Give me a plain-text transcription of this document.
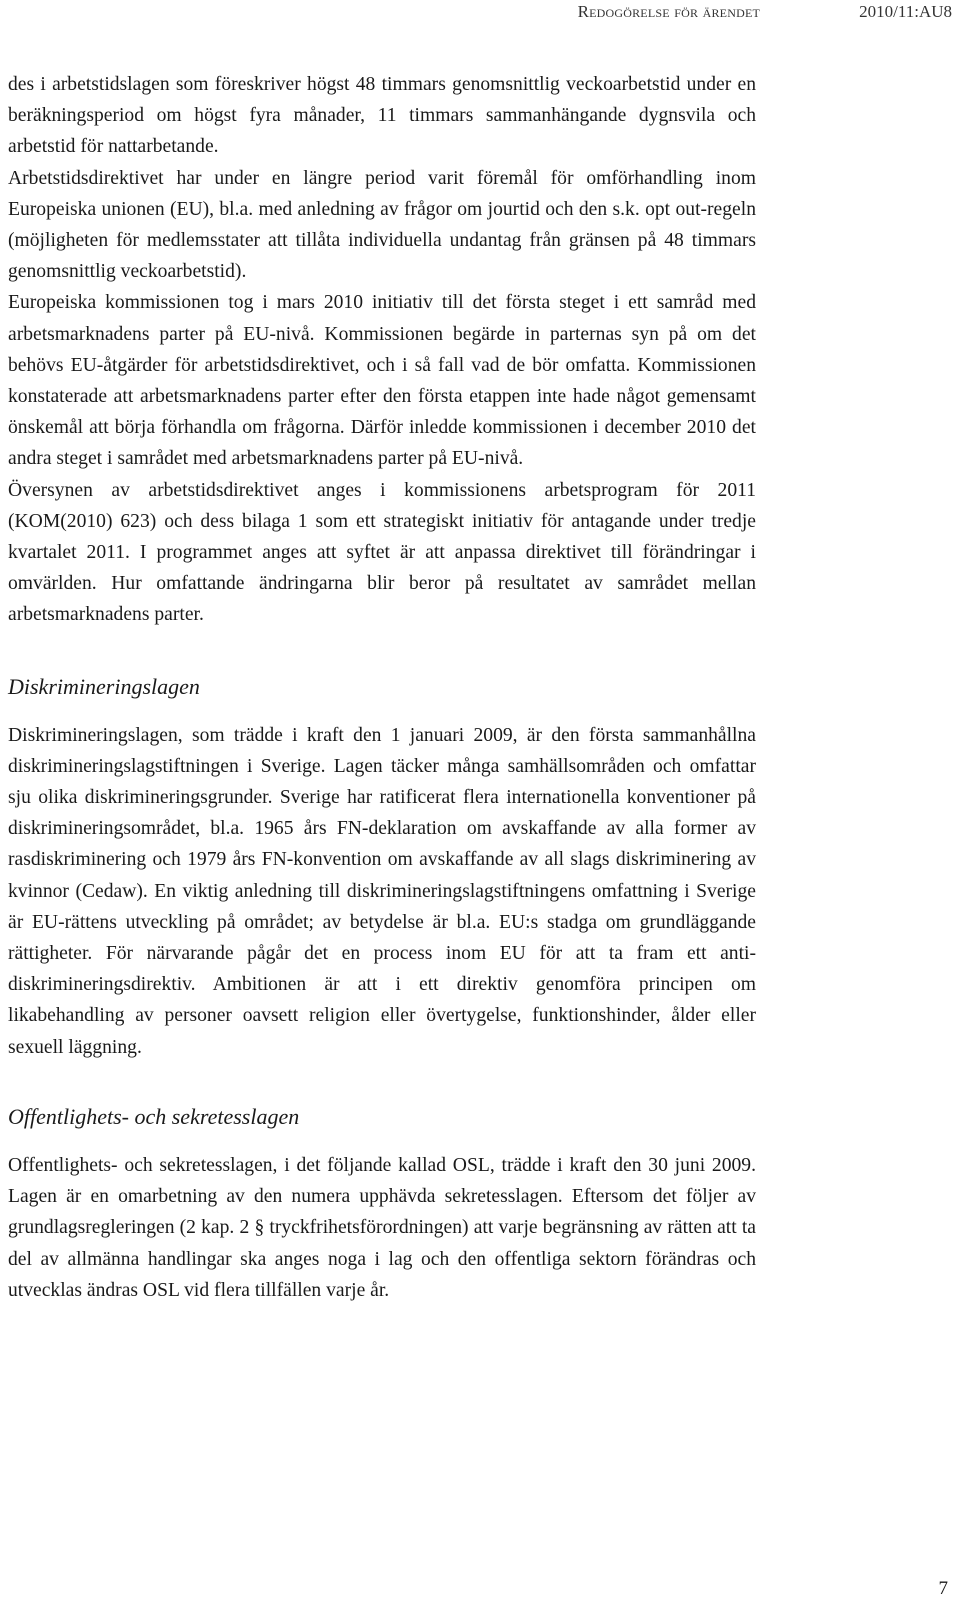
Redogörelse för ärendet	2010/11:AU8

des i arbetstidslagen som föreskriver högst 48 timmars genomsnittlig veckoarbetstid under en beräkningsperiod om högst fyra månader, 11 timmars sammanhängande dygnsvila och arbetstid för nattarbetande.

Arbetstidsdirektivet har under en längre period varit föremål för omförhandling inom Europeiska unionen (EU), bl.a. med anledning av frågor om jourtid och den s.k. opt out-regeln (möjligheten för medlemsstater att tillåta individuella undantag från gränsen på 48 timmars genomsnittlig veckoarbetstid).

Europeiska kommissionen tog i mars 2010 initiativ till det första steget i ett samråd med arbetsmarknadens parter på EU-nivå. Kommissionen begärde in parternas syn på om det behövs EU-åtgärder för arbetstidsdirektivet, och i så fall vad de bör omfatta. Kommissionen konstaterade att arbetsmarknadens parter efter den första etappen inte hade något gemensamt önskemål att börja förhandla om frågorna. Därför inledde kommissionen i december 2010 det andra steget i samrådet med arbetsmarknadens parter på EU-nivå.

Översynen av arbetstidsdirektivet anges i kommissionens arbetsprogram för 2011 (KOM(2010) 623) och dess bilaga 1 som ett strategiskt initiativ för antagande under tredje kvartalet 2011. I programmet anges att syftet är att anpassa direktivet till förändringar i omvärlden. Hur omfattande ändringarna blir beror på resultatet av samrådet mellan arbetsmarknadens parter.

Diskrimineringslagen

Diskrimineringslagen, som trädde i kraft den 1 januari 2009, är den första sammanhållna diskrimineringslagstiftningen i Sverige. Lagen täcker många samhällsområden och omfattar sju olika diskrimineringsgrunder. Sverige har ratificerat flera internationella konventioner på diskrimineringsområdet, bl.a. 1965 års FN-deklaration om avskaffande av alla former av rasdiskriminering och 1979 års FN-konvention om avskaffande av all slags diskriminering av kvinnor (Cedaw). En viktig anledning till diskrimineringslagstiftningens omfattning i Sverige är EU-rättens utveckling på området; av betydelse är bl.a. EU:s stadga om grundläggande rättigheter. För närvarande pågår det en process inom EU för att ta fram ett anti-diskrimineringsdirektiv. Ambitionen är att i ett direktiv genomföra principen om likabehandling av personer oavsett religion eller övertygelse, funktionshinder, ålder eller sexuell läggning.

Offentlighets- och sekretesslagen

Offentlighets- och sekretesslagen, i det följande kallad OSL, trädde i kraft den 30 juni 2009. Lagen är en omarbetning av den numera upphävda sekretesslagen. Eftersom det följer av grundlagsregleringen (2 kap. 2 § tryckfrihetsförordningen) att varje begränsning av rätten att ta del av allmänna handlingar ska anges noga i lag och den offentliga sektorn förändras och utvecklas ändras OSL vid flera tillfällen varje år.

7
